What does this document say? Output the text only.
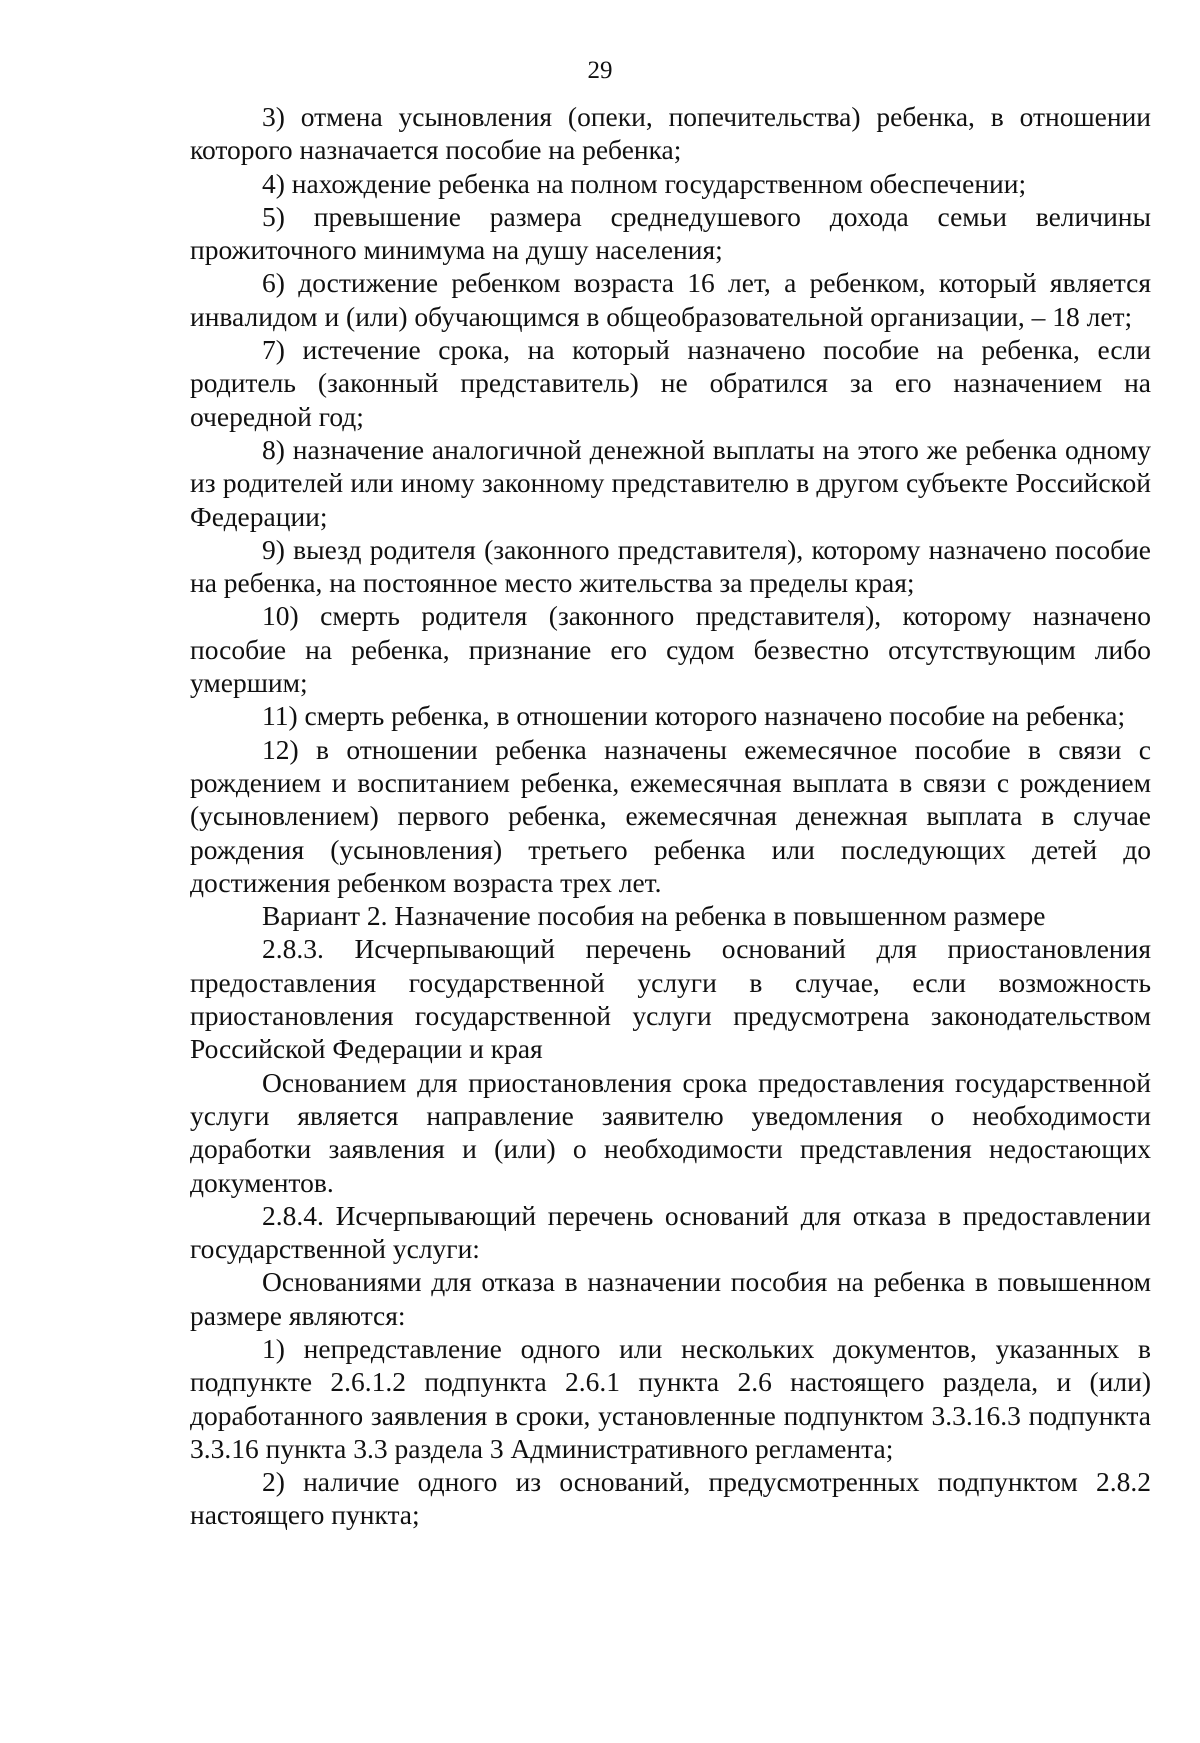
29

3) отмена усыновления (опеки, попечительства) ребенка, в отношении которого назначается пособие на ребенка;

4) нахождение ребенка на полном государственном обеспечении;

5) превышение размера среднедушевого дохода семьи величины прожиточного минимума на душу населения;

6) достижение ребенком возраста 16 лет, а ребенком, который является инвалидом и (или) обучающимся в общеобразовательной организации, – 18 лет;

7) истечение срока, на который назначено пособие на ребенка, если родитель (законный представитель) не обратился за его назначением на очередной год;

8) назначение аналогичной денежной выплаты на этого же ребенка одному из родителей или иному законному представителю в другом субъекте Российской Федерации;

9) выезд родителя (законного представителя), которому назначено пособие на ребенка, на постоянное место жительства за пределы края;

10) смерть родителя (законного представителя), которому назначено пособие на ребенка, признание его судом безвестно отсутствующим либо умершим;

11) смерть ребенка, в отношении которого назначено пособие на ребенка;

12) в отношении ребенка назначены ежемесячное пособие в связи с рождением и воспитанием ребенка, ежемесячная выплата в связи с рождением (усыновлением) первого ребенка, ежемесячная денежная выплата в случае рождения (усыновления) третьего ребенка или последующих детей до достижения ребенком возраста трех лет.

Вариант 2. Назначение пособия на ребенка в повышенном размере

2.8.3. Исчерпывающий перечень оснований для приостановления предоставления государственной услуги в случае, если возможность приостановления государственной услуги предусмотрена законодательством Российской Федерации и края

Основанием для приостановления срока предоставления государственной услуги является направление заявителю уведомления о необходимости доработки заявления и (или) о необходимости представления недостающих документов.

2.8.4. Исчерпывающий перечень оснований для отказа в предоставлении государственной услуги:

Основаниями для отказа в назначении пособия на ребенка в повышенном размере являются:

1) непредставление одного или нескольких документов, указанных в подпункте 2.6.1.2 подпункта 2.6.1 пункта 2.6 настоящего раздела, и (или) доработанного заявления в сроки, установленные подпунктом 3.3.16.3 подпункта 3.3.16 пункта 3.3 раздела 3 Административного регламента;

2) наличие одного из оснований, предусмотренных подпунктом 2.8.2 настоящего пункта;
